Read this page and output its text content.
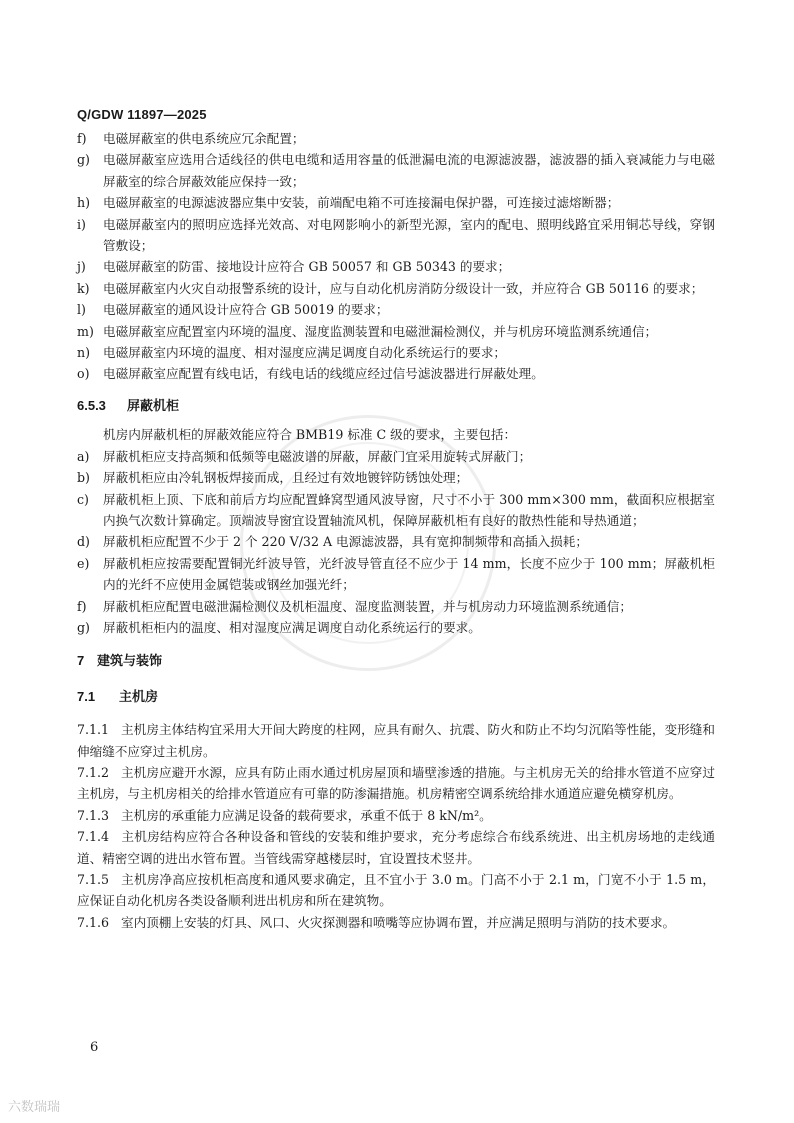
Q/GDW 11897—2025
f)	电磁屏蔽室的供电系统应冗余配置；
g)	电磁屏蔽室应选用合适线径的供电电缆和适用容量的低泄漏电流的电源滤波器，滤波器的插入衰减能力与电磁屏蔽室的综合屏蔽效能应保持一致；
h)	电磁屏蔽室的电源滤波器应集中安装，前端配电箱不可连接漏电保护器，可连接过滤熔断器；
i)	电磁屏蔽室内的照明应选择光效高、对电网影响小的新型光源，室内的配电、照明线路宜采用铜芯导线，穿钢管敷设；
j)	电磁屏蔽室的防雷、接地设计应符合 GB 50057 和 GB 50343 的要求；
k)	电磁屏蔽室内火灾自动报警系统的设计，应与自动化机房消防分级设计一致，并应符合 GB 50116 的要求；
l)	电磁屏蔽室的通风设计应符合 GB 50019 的要求；
m) 电磁屏蔽室应配置室内环境的温度、湿度监测装置和电磁泄漏检测仪，并与机房环境监测系统通信；
n)	电磁屏蔽室内环境的温度、相对湿度应满足调度自动化系统运行的要求；
o)	电磁屏蔽室应配置有线电话，有线电话的线缆应经过信号滤波器进行屏蔽处理。
6.5.3 屏蔽机柜
机房内屏蔽机柜的屏蔽效能应符合 BMB19 标准 C 级的要求，主要包括：
a)	屏蔽机柜应支持高频和低频等电磁波谱的屏蔽，屏蔽门宜采用旋转式屏蔽门；
b)	屏蔽机柜应由冷轧钢板焊接而成，且经过有效地镀锌防锈蚀处理；
c)	屏蔽机柜上顶、下底和前后方均应配置蜂窝型通风波导窗，尺寸不小于 300 mm×300 mm，截面积应根据室内换气次数计算确定。顶端波导窗宜设置轴流风机，保障屏蔽机柜有良好的散热性能和导热通道；
d)	屏蔽机柜应配置不少于 2 个 220 V/32 A 电源滤波器，具有宽抑制频带和高插入损耗；
e)	屏蔽机柜应按需要配置铜光纤波导管，光纤波导管直径不应少于 14 mm，长度不应少于 100 mm；屏蔽机柜内的光纤不应使用金属铠装或钢丝加强光纤；
f)	屏蔽机柜应配置电磁泄漏检测仪及机柜温度、湿度监测装置，并与机房动力环境监测系统通信；
g)	屏蔽机柜柜内的温度、相对湿度应满足调度自动化系统运行的要求。
7 建筑与装饰
7.1 主机房
7.1.1 主机房主体结构宜采用大开间大跨度的柱网，应具有耐久、抗震、防火和防止不均匀沉陷等性能，变形缝和伸缩缝不应穿过主机房。
7.1.2 主机房应避开水源，应具有防止雨水通过机房屋顶和墙壁渗透的措施。与主机房无关的给排水管道不应穿过主机房，与主机房相关的给排水管道应有可靠的防渗漏措施。机房精密空调系统给排水通道应避免横穿机房。
7.1.3 主机房的承重能力应满足设备的载荷要求，承重不低于 8 kN/m²。
7.1.4 主机房结构应符合各种设备和管线的安装和维护要求，充分考虑综合布线系统进、出主机房场地的走线通道、精密空调的进出水管布置。当管线需穿越楼层时，宜设置技术竖井。
7.1.5 主机房净高应按机柜高度和通风要求确定，且不宜小于 3.0 m。门高不小于 2.1 m，门宽不小于 1.5 m，应保证自动化机房各类设备顺利进出机房和所在建筑物。
7.1.6 室内顶棚上安装的灯具、风口、火灾探测器和喷嘴等应协调布置，并应满足照明与消防的技术要求。
6
六数瑞瑞
